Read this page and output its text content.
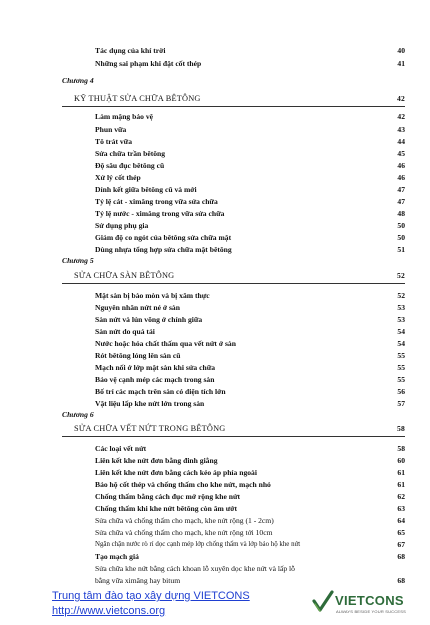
Tác dụng của khí trời	40
Những sai phạm khi đặt cốt thép	41
Chương 4
KỸ THUẬT SỬA CHỮA BÊTÔNG	42
Làm mặng bảo vệ	42
Phun vữa	43
Tô trát vữa	44
Sửa chữa trần bêtông	45
Độ sâu đục bêtông cũ	46
Xử lý cốt thép	46
Dính kết giữa bêtông cũ và mới	47
Tỷ lệ cát - ximăng trong vữa sửa chữa	47
Tỷ lệ nước - ximăng trong vữa sửa chữa	48
Sử dụng phụ gia	50
Giảm độ co ngót của bêtông sửa chữa mặt	50
Dùng nhựa tổng hợp sửa chữa mặt bêtông	51
Chương 5
SỬA CHỮA SÀN BÊTÔNG	52
Mặt sàn bị bào mòn và bị xâm thực	52
Nguyên nhân nứt nẻ ở sàn	53
Sàn nứt và lún võng ở chính giữa	53
Sàn nứt do quá tải	54
Nước hoặc hóa chất thấm qua vết nứt ở sàn	54
Rót bêtông lỏng lên sàn cũ	55
Mạch nối ở lớp mặt sàn khi sửa chữa	55
Bảo vệ cạnh mép các mạch trong sàn	55
Bố trí các mạch trên sàn có diện tích lớn	56
Vật liệu lấp khe nứt lớn trong sàn	57
Chương 6
SỬA CHỮA VẾT NỨT TRONG BÊTÔNG	58
Các loại vết nứt	58
Liên kết khe nứt đơn bằng đinh giằng	60
Liên kết khe nứt đơn bằng cách kéo áp phía ngoài	61
Bảo hộ cốt thép và chống thấm cho khe nứt, mạch nhỏ	61
Chống thấm bằng cách đục mở rộng khe nứt	62
Chống thấm khi khe nứt bêtông còn âm ướt	63
Sửa chữa và chống thấm cho mạch, khe nứt rộng (1 - 2cm)	64
Sửa chữa và chống thấm cho mạch, khe nứt rộng tới 10cm	65
Ngăn chặn nước rò rỉ dọc cạnh mép lớp chống thấm và lớp bảo hộ khe nứt	67
Tạo mạch giả	68
Sửa chữa khe nứt bằng cách khoan lỗ xuyên dọc khe nứt và lấp lỗ
bằng vữa ximăng hay bitum	68
Trung tâm đào tạo xây dựng VIETCONS
http://www.vietcons.org
VIETCONS
ALWAYS BESIDE YOUR SUCCESS
